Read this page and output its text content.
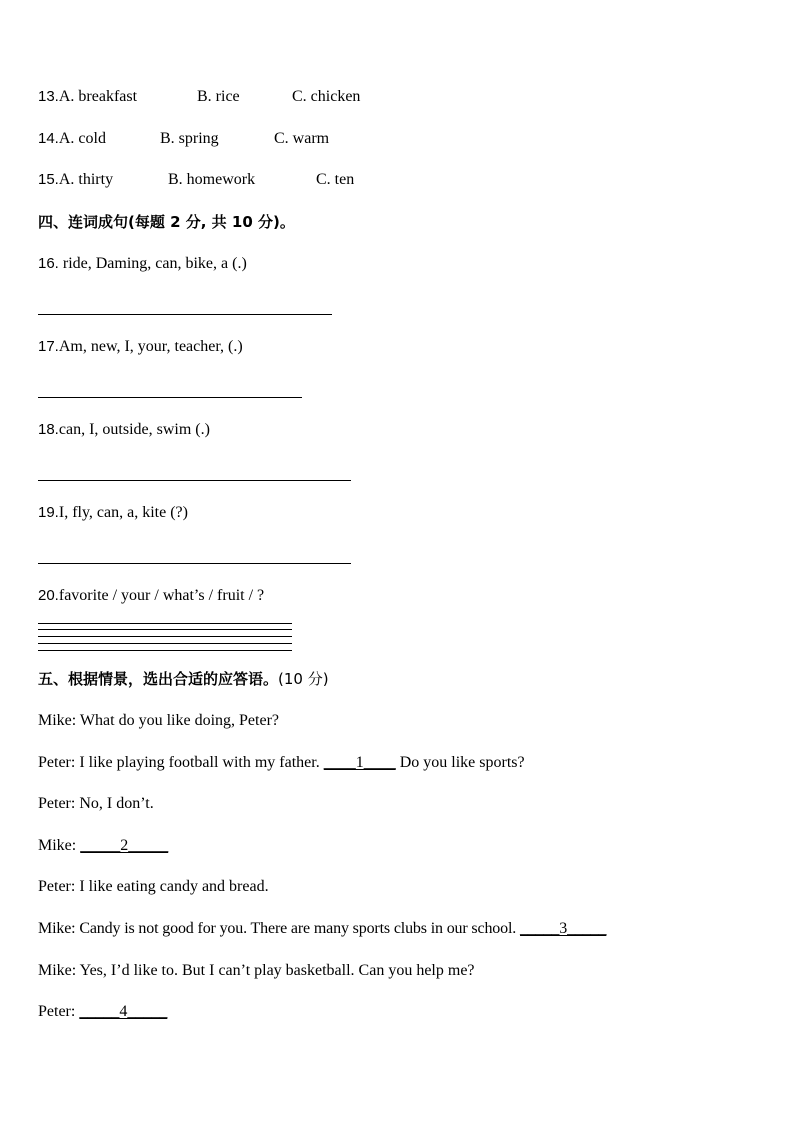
13.A. breakfast	B. rice	C. chicken
14.A. cold	B. spring	C. warm
15.A. thirty	B. homework	C. ten
四、连词成句(每题 2 分, 共 10 分)。
16. ride, Daming, can, bike, a (.)
17.Am, new, I, your, teacher, (.)
18.can, I, outside, swim (.)
19.I, fly, can, a, kite (?)
20.favorite / your / what’s / fruit / ?
五、根据情景，选出合适的应答语。(10 分)
Mike: What do you like doing, Peter?
Peter: I like playing football with my father. ____1____ Do you like sports?
Peter: No, I don’t.
Mike: _____2_____
Peter: I like eating candy and bread.
Mike: Candy is not good for you. There are many sports clubs in our school. _____3_____
Mike: Yes, I’d like to. But I can’t play basketball. Can you help me?
Peter: _____4_____
